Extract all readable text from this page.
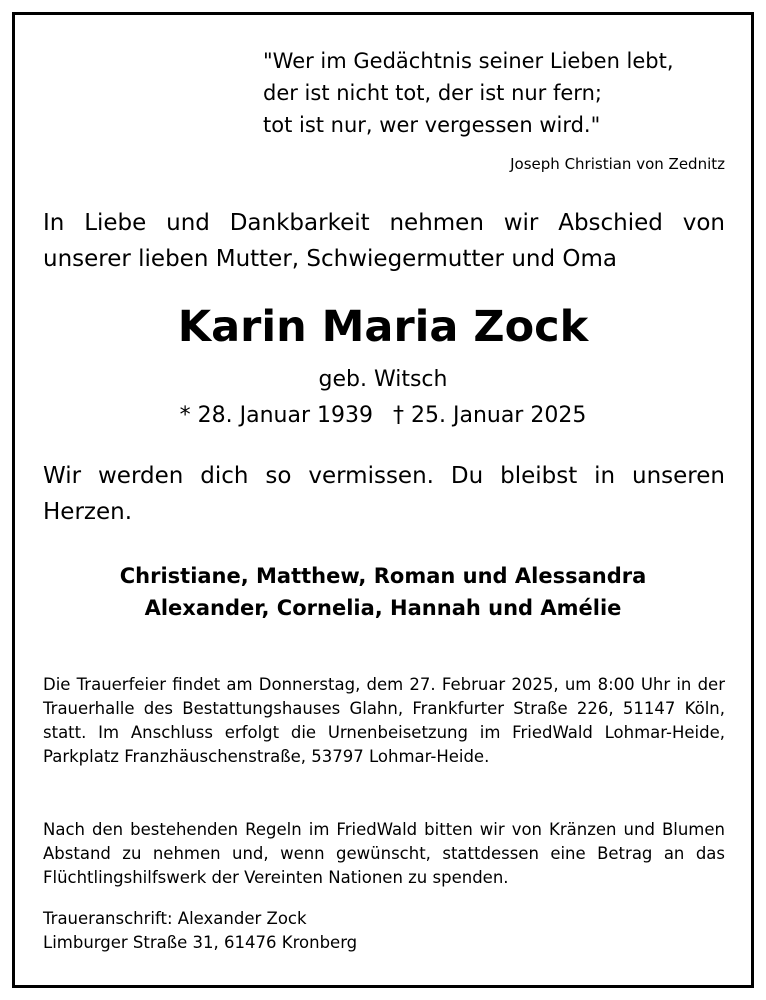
"Wer im Gedächtnis seiner Lieben lebt,
der ist nicht tot, der ist nur fern;
tot ist nur, wer vergessen wird."
Joseph Christian von Zednitz
In Liebe und Dankbarkeit nehmen wir Abschied von unserer lieben Mutter, Schwiegermutter und Oma
Karin Maria Zock
geb. Witsch
* 28. Januar 1939 † 25. Januar 2025
Wir werden dich so vermissen. Du bleibst in unseren Herzen.
Christiane, Matthew, Roman und Alessandra
Alexander, Cornelia, Hannah und Amélie
Die Trauerfeier findet am Donnerstag, dem 27. Februar 2025, um 8:00 Uhr in der Trauerhalle des Bestattungshauses Glahn, Frankfurter Straße 226, 51147 Köln, statt. Im Anschluss erfolgt die Urnenbeisetzung im FriedWald Lohmar-Heide, Parkplatz Franzhäuschenstraße, 53797 Lohmar-Heide.
Nach den bestehenden Regeln im FriedWald bitten wir von Kränzen und Blumen Abstand zu nehmen und, wenn gewünscht, stattdessen eine Betrag an das Flüchtlingshilfswerk der Vereinten Nationen zu spenden.
Traueranschrift: Alexander Zock
Limburger Straße 31, 61476 Kronberg
